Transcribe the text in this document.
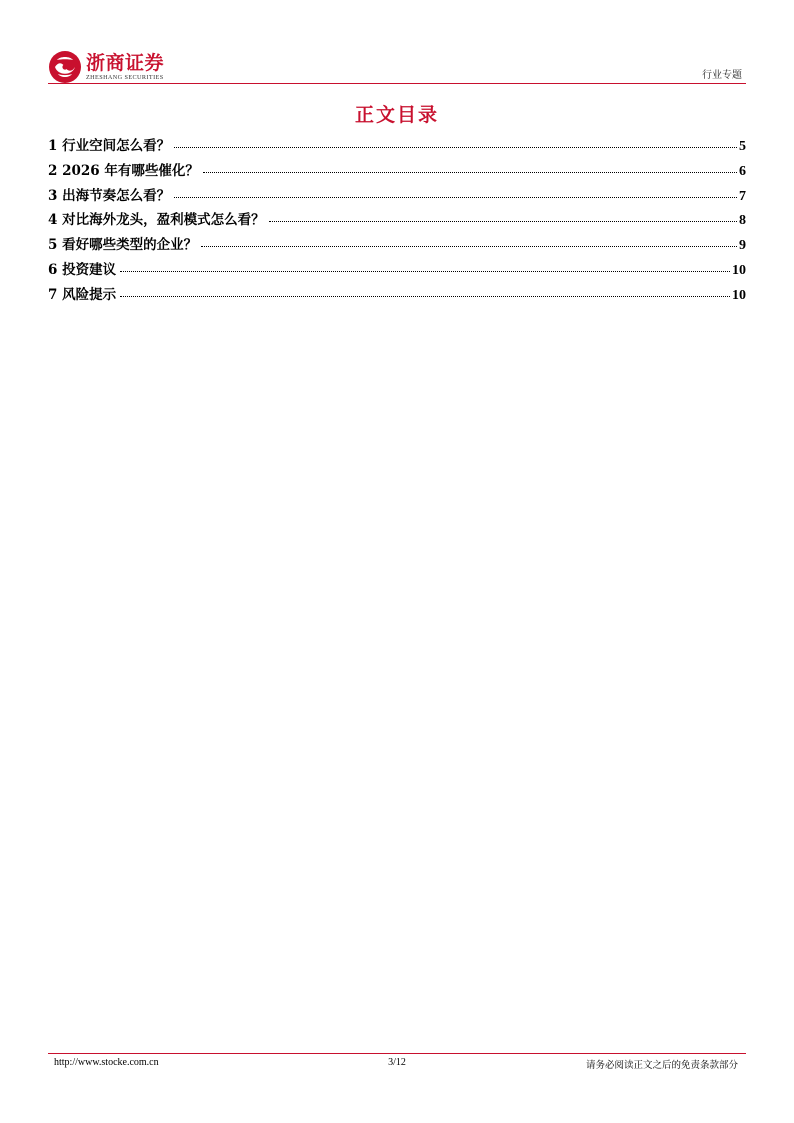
浙商证券
ZHESHANG SECURITIES	行业专题
正文目录
1 行业空间怎么看？	5
2 2026 年有哪些催化？	6
3 出海节奏怎么看？	7
4 对比海外龙头，盈利模式怎么看？	8
5 看好哪些类型的企业？	9
6 投资建议	10
7 风险提示	10
http://www.stocke.com.cn	3/12	请务必阅读正文之后的免责条款部分
